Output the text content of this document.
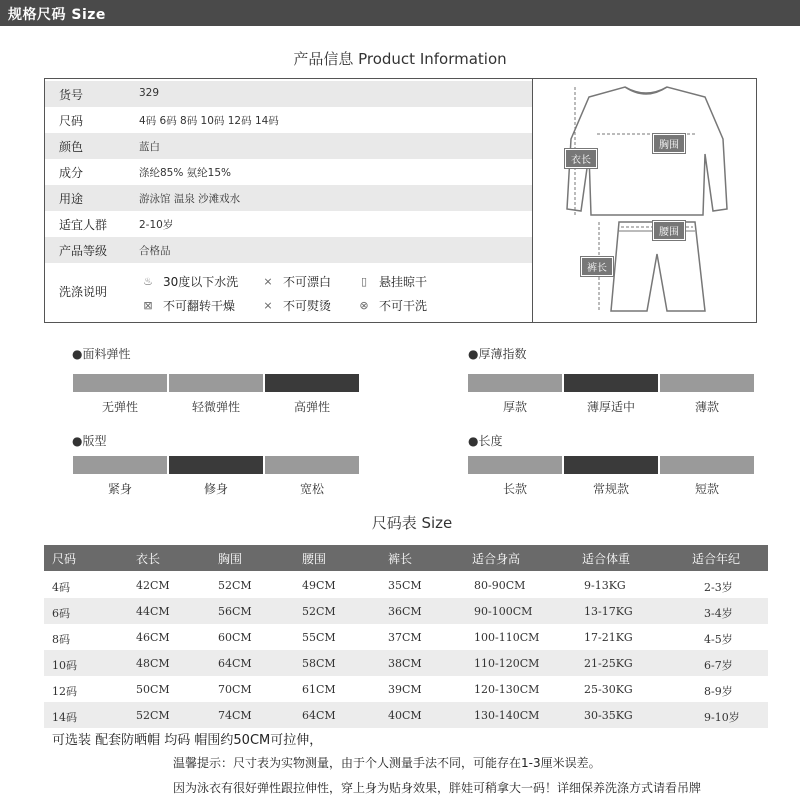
规格尺码 Size
产品信息 Product Information
货号	329
尺码	4码 6码 8码 10码 12码 14码
颜色	蓝白
成分	涤纶85% 氨纶15%
用途	游泳馆 温泉 沙滩戏水
适宜人群	2-10岁
产品等级	合格品
洗涤说明
♨ 30度以下水洗 ⨯ 不可漂白	▯ 悬挂晾干
⊠ 不可翻转干燥	⨯ 不可熨烫	⊗ 不可干洗
衣长
胸围
腰围
裤长
●面料弹性
无弹性	轻微弹性	高弹性
●厚薄指数
厚款	薄厚适中	薄款
●版型
紧身	修身	宽松
●长度
长款	常规款	短款
尺码表 Size
尺码	衣长	胸围	腰围	裤长	适合身高	适合体重	适合年纪
4码	42CM	52CM	49CM	35CM	80-90CM	9-13KG	2-3岁
6码	44CM	56CM	52CM	36CM	90-100CM	13-17KG	3-4岁
8码	46CM	60CM	55CM	37CM	100-110CM	17-21KG	4-5岁
10码	48CM	64CM	58CM	38CM	110-120CM	21-25KG	6-7岁
12码	50CM	70CM	61CM	39CM	120-130CM	25-30KG	8-9岁
14码	52CM	74CM	64CM	40CM	130-140CM	30-35KG	9-10岁
可选装 配套防晒帽 均码 帽围约50CM可拉伸，
温馨提示：尺寸表为实物测量，由于个人测量手法不同，可能存在1-3厘米误差。
因为泳衣有很好弹性跟拉伸性，穿上身为贴身效果，胖娃可稍拿大一码！详细保养洗涤方式请看吊牌
